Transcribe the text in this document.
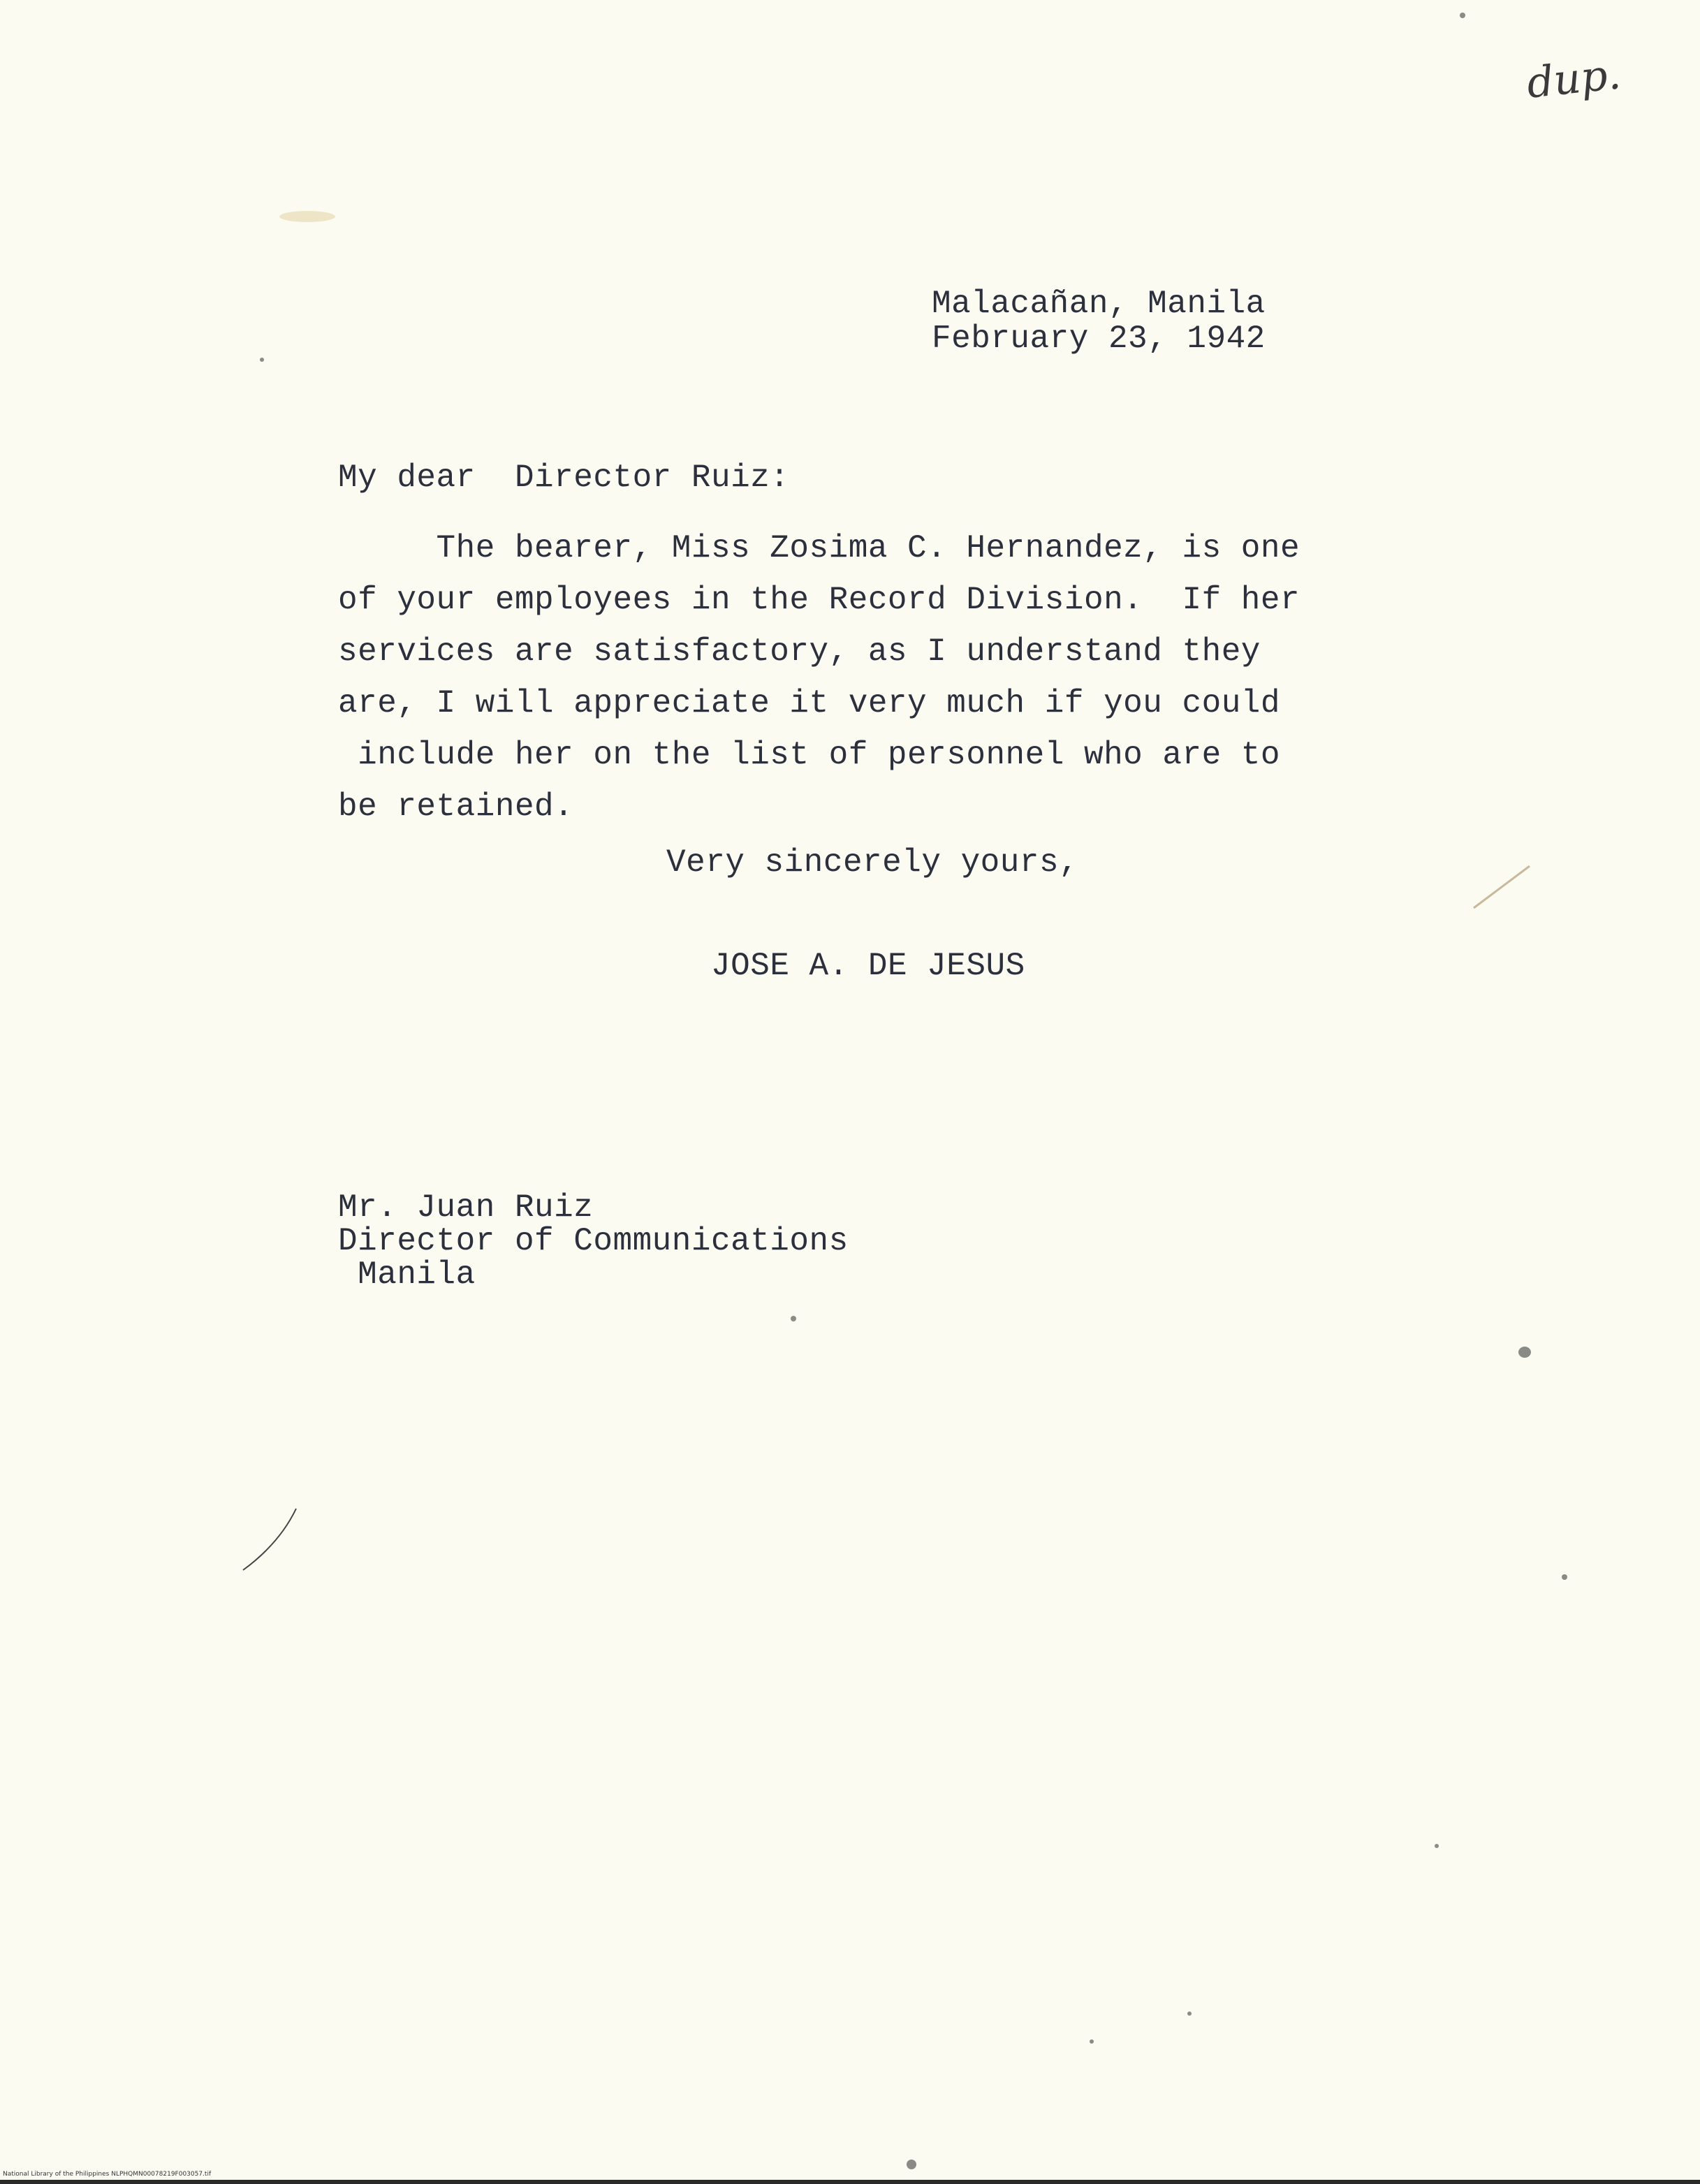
dup.
Malacañan, Manila
February 23, 1942
My dear  Director Ruiz:
The bearer, Miss Zosima C. Hernandez, is one
of your employees in the Record Division.  If her
services are satisfactory, as I understand they
are, I will appreciate it very much if you could
include her on the list of personnel who are to
be retained.
Very sincerely yours,
JOSE A. DE JESUS
Mr. Juan Ruiz
Director of Communications
Manila
National Library of the Philippines NLPHQMN00078219F003057.tif
